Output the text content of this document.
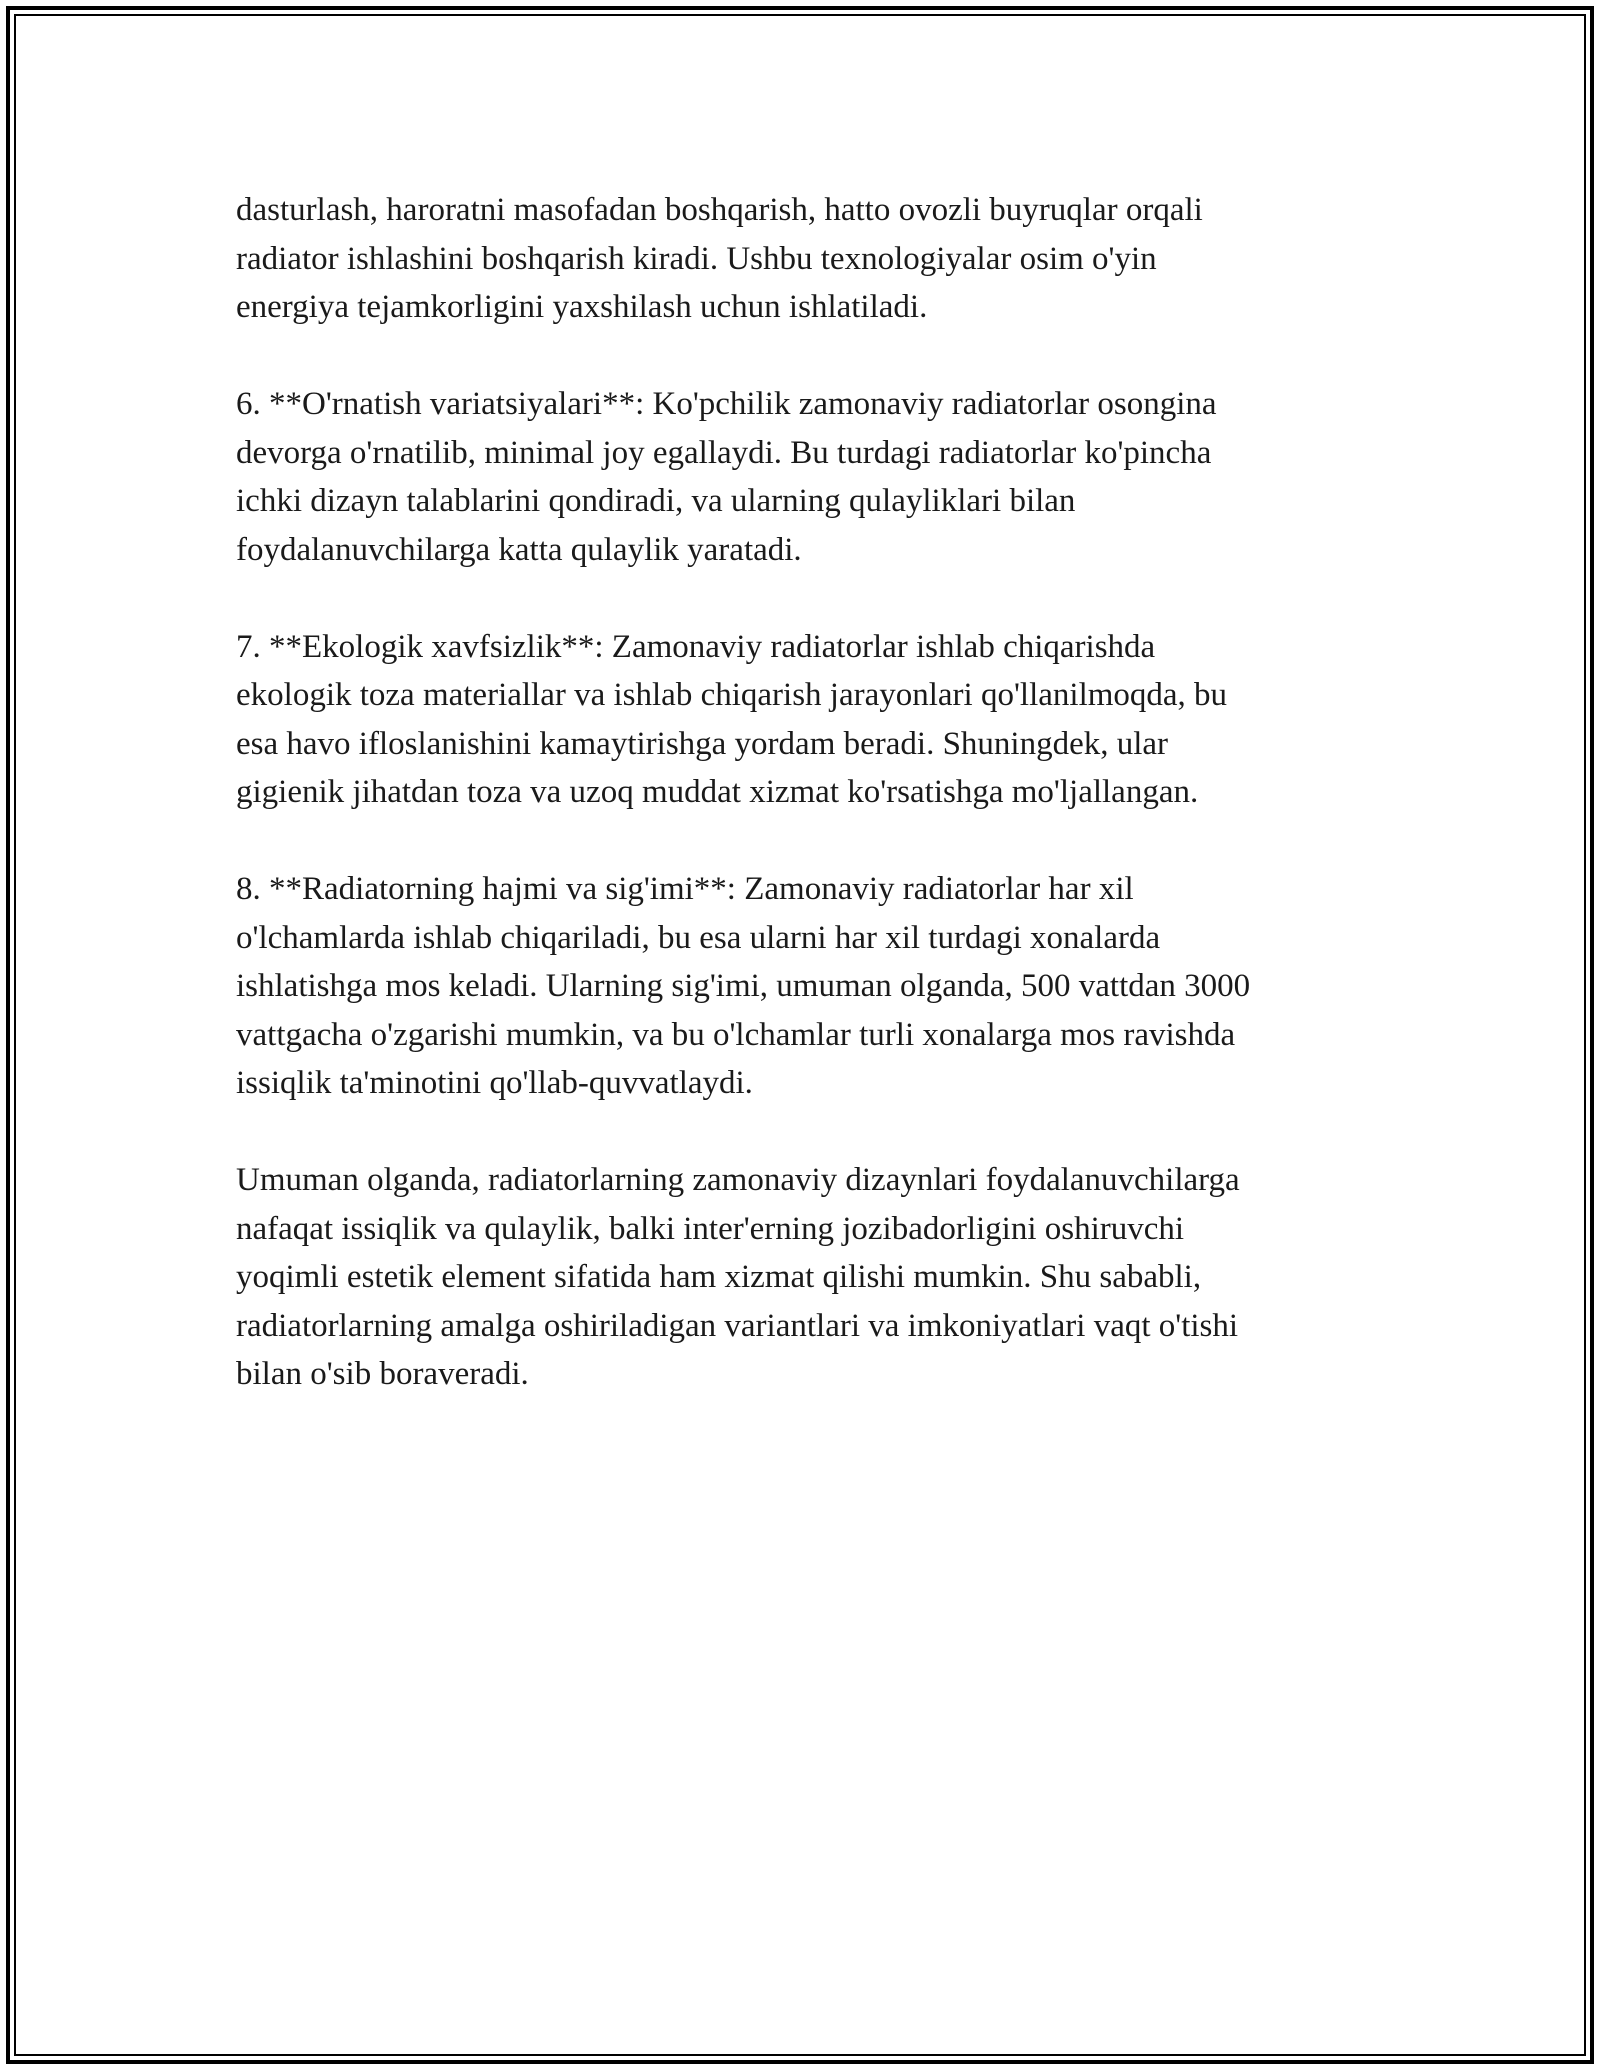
dasturlash, haroratni masofadan boshqarish, hatto ovozli buyruqlar orqali
radiator ishlashini boshqarish kiradi. Ushbu texnologiyalar osim o'yin
energiya tejamkorligini yaxshilash uchun ishlatiladi.

6. **O'rnatish variatsiyalari**: Ko'pchilik zamonaviy radiatorlar osongina
devorga o'rnatilib, minimal joy egallaydi. Bu turdagi radiatorlar ko'pincha
ichki dizayn talablarini qondiradi, va ularning qulayliklari bilan
foydalanuvchilarga katta qulaylik yaratadi.

7. **Ekologik xavfsizlik**: Zamonaviy radiatorlar ishlab chiqarishda
ekologik toza materiallar va ishlab chiqarish jarayonlari qo'llanilmoqda, bu
esa havo ifloslanishini kamaytirishga yordam beradi. Shuningdek, ular
gigienik jihatdan toza va uzoq muddat xizmat ko'rsatishga mo'ljallangan.

8. **Radiatorning hajmi va sig'imi**: Zamonaviy radiatorlar har xil
o'lchamlarda ishlab chiqariladi, bu esa ularni har xil turdagi xonalarda
ishlatishga mos keladi. Ularning sig'imi, umuman olganda, 500 vattdan 3000
vattgacha o'zgarishi mumkin, va bu o'lchamlar turli xonalarga mos ravishda
issiqlik ta'minotini qo'llab-quvvatlaydi.

Umuman olganda, radiatorlarning zamonaviy dizaynlari foydalanuvchilarga
nafaqat issiqlik va qulaylik, balki inter'erning jozibadorligini oshiruvchi
yoqimli estetik element sifatida ham xizmat qilishi mumkin. Shu sababli,
radiatorlarning amalga oshiriladigan variantlari va imkoniyatlari vaqt o'tishi
bilan o'sib boraveradi.
